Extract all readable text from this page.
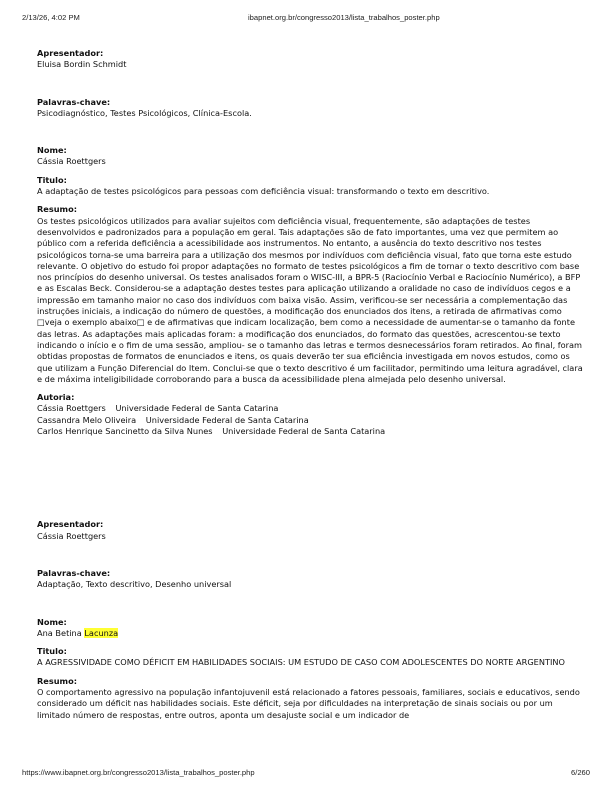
2/13/26, 4:02 PM	ibapnet.org.br/congresso2013/lista_trabalhos_poster.php
Apresentador:
Eluisa Bordin Schmidt
Palavras-chave:
Psicodiagnóstico, Testes Psicológicos, Clínica-Escola.
Nome:
Cássia Roettgers
Titulo:
A adaptação de testes psicológicos para pessoas com deficiência visual: transformando o texto em descritivo.
Resumo:
Os testes psicológicos utilizados para avaliar sujeitos com deficiência visual, frequentemente, são adaptações de testes desenvolvidos e padronizados para a população em geral. Tais adaptações são de fato importantes, uma vez que permitem ao público com a referida deficiência a acessibilidade aos instrumentos. No entanto, a ausência do texto descritivo nos testes psicológicos torna-se uma barreira para a utilização dos mesmos por indivíduos com deficiência visual, fato que torna este estudo relevante. O objetivo do estudo foi propor adaptações no formato de testes psicológicos a fim de tornar o texto descritivo com base nos princípios do desenho universal. Os testes analisados foram o WISC-III, a BPR-5 (Raciocínio Verbal e Raciocínio Numérico), a BFP e as Escalas Beck. Considerou-se a adaptação destes testes para aplicação utilizando a oralidade no caso de indivíduos cegos e a impressão em tamanho maior no caso dos indivíduos com baixa visão. Assim, verificou-se ser necessária a complementação das instruções iniciais, a indicação do número de questões, a modificação dos enunciados dos itens, a retirada de afirmativas como □veja o exemplo abaixo□ e de afirmativas que indicam localização, bem como a necessidade de aumentar-se o tamanho da fonte das letras. As adaptações mais aplicadas foram: a modificação dos enunciados, do formato das questões, acrescentou-se texto indicando o início e o fim de uma sessão, ampliou- se o tamanho das letras e termos desnecessários foram retirados. Ao final, foram obtidas propostas de formatos de enunciados e itens, os quais deverão ter sua eficiência investigada em novos estudos, como os que utilizam a Função Diferencial do Item. Conclui-se que o texto descritivo é um facilitador, permitindo uma leitura agradável, clara e de máxima inteligibilidade corroborando para a busca da acessibilidade plena almejada pelo desenho universal.
Autoria:
Cássia Roettgers Universidade Federal de Santa Catarina
Cassandra Melo Oliveira Universidade Federal de Santa Catarina
Carlos Henrique Sancinetto da Silva Nunes Universidade Federal de Santa Catarina
Apresentador:
Cássia Roettgers
Palavras-chave:
Adaptação, Texto descritivo, Desenho universal
Nome:
Ana Betina Lacunza
Titulo:
A AGRESSIVIDADE COMO DÉFICIT EM HABILIDADES SOCIAIS: UM ESTUDO DE CASO COM ADOLESCENTES DO NORTE ARGENTINO
Resumo:
O comportamento agressivo na população infantojuvenil está relacionado a fatores pessoais, familiares, sociais e educativos, sendo considerado um déficit nas habilidades sociais. Este déficit, seja por dificuldades na interpretação de sinais sociais ou por um limitado número de respostas, entre outros, aponta um desajuste social e um indicador de
https://www.ibapnet.org.br/congresso2013/lista_trabalhos_poster.php	6/260
